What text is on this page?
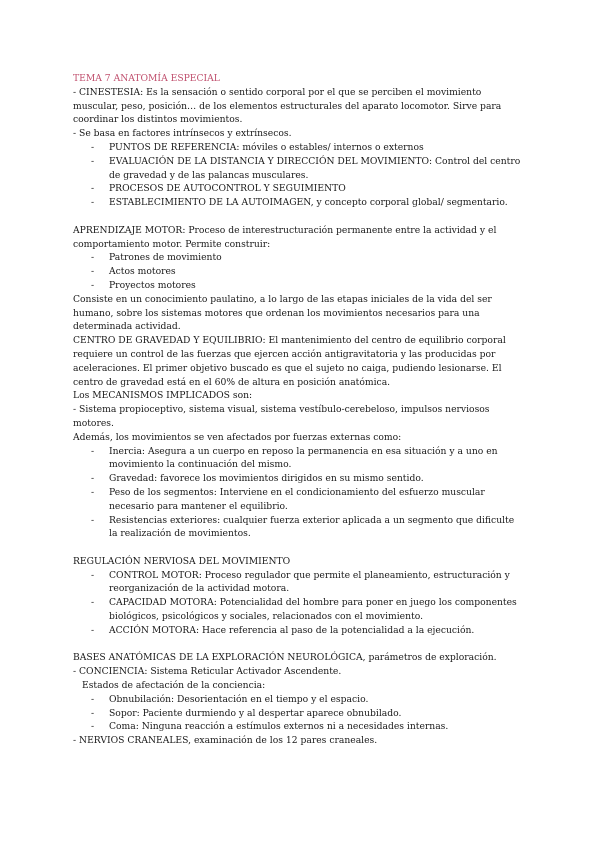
TEMA 7 ANATOMÍA ESPECIAL

- CINESTESIA: Es la sensación o sentido corporal por el que se perciben el movimiento muscular, peso, posición… de los elementos estructurales del aparato locomotor. Sirve para coordinar los distintos movimientos.

- Se basa en factores intrínsecos y extrínsecos.

- PUNTOS DE REFERENCIA: móviles o estables/ internos o externos
- EVALUACIÓN DE LA DISTANCIA Y DIRECCIÓN DEL MOVIMIENTO: Control del centro de gravedad y de las palancas musculares.
- PROCESOS DE AUTOCONTROL Y SEGUIMIENTO
- ESTABLECIMIENTO DE LA AUTOIMAGEN, y concepto corporal global/ segmentario.

APRENDIZAJE MOTOR: Proceso de interestructuración permanente entre la actividad y el comportamiento motor. Permite construir:

- Patrones de movimiento
- Actos motores
- Proyectos motores

Consiste en un conocimiento paulatino, a lo largo de las etapas iniciales de la vida del ser humano, sobre los sistemas motores que ordenan los movimientos necesarios para una determinada actividad.

CENTRO DE GRAVEDAD Y EQUILIBRIO: El mantenimiento del centro de equilibrio corporal requiere un control de las fuerzas que ejercen acción antigravitatoria y las producidas por aceleraciones. El primer objetivo buscado es que el sujeto no caiga, pudiendo lesionarse. El centro de gravedad está en el 60% de altura en posición anatómica.

Los MECANISMOS IMPLICADOS son:

- Sistema propioceptivo, sistema visual, sistema vestíbulo-cerebeloso, impulsos nerviosos motores.

Además, los movimientos se ven afectados por fuerzas externas como:

- Inercia: Asegura a un cuerpo en reposo la permanencia en esa situación y a uno en movimiento la continuación del mismo.
- Gravedad: favorece los movimientos dirigidos en su mismo sentido.
- Peso de los segmentos: Interviene en el condicionamiento del esfuerzo muscular necesario para mantener el equilibrio.
- Resistencias exteriores: cualquier fuerza exterior aplicada a un segmento que dificulte la realización de movimientos.

REGULACIÓN NERVIOSA DEL MOVIMIENTO

- CONTROL MOTOR: Proceso regulador que permite el planeamiento, estructuración y reorganización de la actividad motora.
- CAPACIDAD MOTORA: Potencialidad del hombre para poner en juego los componentes biológicos, psicológicos y sociales, relacionados con el movimiento.
- ACCIÓN MOTORA: Hace referencia al paso de la potencialidad a la ejecución.

BASES ANATÓMICAS DE LA EXPLORACIÓN NEUROLÓGICA, parámetros de exploración.

- CONCIENCIA: Sistema Reticular Activador Ascendente.

Estados de afectación de la conciencia:

- Obnubilación: Desorientación en el tiempo y el espacio.
- Sopor: Paciente durmiendo y al despertar aparece obnubilado.
- Coma: Ninguna reacción a estímulos externos ni a necesidades internas.

- NERVIOS CRANEALES, examinación de los 12 pares craneales.
